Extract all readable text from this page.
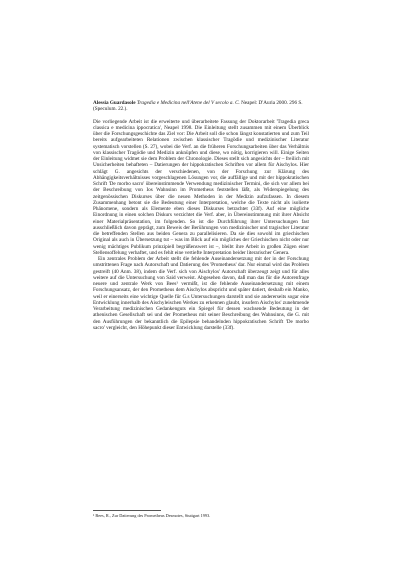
Alessia Guardasole Tragedia e Medicina nell'Atene del V secolo a. C. Neapel: D'Auria 2000. 296 S. (Speculum. 22.).

Die vorliegende Arbeit ist die erweiterte und überarbeitete Fassung der Doktorarbeit 'Tragedia greca classica e medicina ippocratica', Neapel 1998. Die Einleitung stellt zusammen mit einem Überblick über die Forschungsgeschichte das Ziel vor: Die Arbeit soll die schon längst konstatierten und zum Teil bereits aufgearbeiteten Relationen zwischen klassischer Tragödie und medizinischer Literatur systematisch vorstellen (S. 27), wobei die Verf. an die früheren Forschungsarbeiten über das Verhältnis von klassischer Tragödie und Medizin anknüpfen und diese, wo nötig, korrigieren will. Einige Seiten der Einleitung widmet sie dem Problem der Chronologie. Dieses stellt sich angesichts der – freilich mit Unsicherheiten behafteten – Datierungen der hippokratischen Schriften vor allem für Aischylos. Hier schlägt G. angesichts der verschiedenen, von der Forschung zur Klärung des Abhängigkeitsverhältnisses vorgeschlagenen Lösungen vor, die auffällige und mit der hippokratischen Schrift 'De morbo sacro' übereinstimmende Verwendung medizinischer Termini, die sich vor allem bei der Beschreibung von Ios Wahnsinn im Prometheus feststellen läßt, als Widerspiegelung des zeitgenössischen Diskurses über die neuen Methoden in der Medizin aufzufassen. In diesem Zusammenhang betont sie die Bedeutung einer Interpretation, welche die Texte nicht als isolierte Phänomene, sondern als Elemente eben dieses Diskurses betrachtet (33f). Auf eine mögliche Einordnung in einen solchen Diskurs verzichtet die Verf. aber, in Übereinstimmung mit ihrer Absicht einer Materialpräsentation, im folgenden. So ist die Durchführung ihrer Untersuchungen fast ausschließlich davon geprägt, zum Beweis der Berührungen von medizinischer und tragischer Literatur die betreffenden Stellen aus beiden Genera zu parallelisieren. Da sie dies sowohl im griechischen Original als auch in Übersetzung tut – was im Blick auf ein mögliches der Griechischen nicht oder nur wenig mächtiges Publikum prinzipiell begrüßenswert ist –, bleibt ihre Arbeit in großen Zügen einer Stellensoffelung verhaftet, und es fehlt eine vertiefte Interpretation beider literarischer Genera.

Ein zentrales Problem der Arbeit stellt die fehlende Auseinandersetzung mit der in der Forschung umstrittenen Frage nach Autorschaft und Datierung des 'Prometheus' dar. Nur einmal wird das Problem gestreift (40 Anm. 38), indem die Verf. sich von Aischylos' Autorschaft überzeugt zeigt und für alles weitere auf die Untersuchung von Said verweist. Abgesehen davon, daß man das für die Autorenfrage neuere und zentrale Werk von Bees¹ vermißt, ist die fehlende Auseinandersetzung mit einem Forschungsansatz, der den Prometheus dem Aischylos abspricht und später datiert, deshalb ein Manko, weil er einerseits eine wichtige Quelle für G.s Untersuchungen darstellt und sie andererseits sogar eine Entwicklung innerhalb des Aischyleischen Werkes zu erkennen glaubt, insofern Aischylos' zunehmende Verarbeitung medizinischen Gedankenguts ein Spiegel für dessen wachsende Bedeutung in der athenischen Gesellschaft sei und der Prometheus mit seiner Beschreibung des Wahnsinns, die G. mit den Ausführungen der bekanntlich die Epilepsie behandelnden hippokratischen Schrift 'De morbo sacro' vergleicht, den Höhepunkt dieser Entwicklung darstelle (33f).

¹ Bees, R., Zur Datierung des Prometheus Desmotes, Stuttgart 1993.
